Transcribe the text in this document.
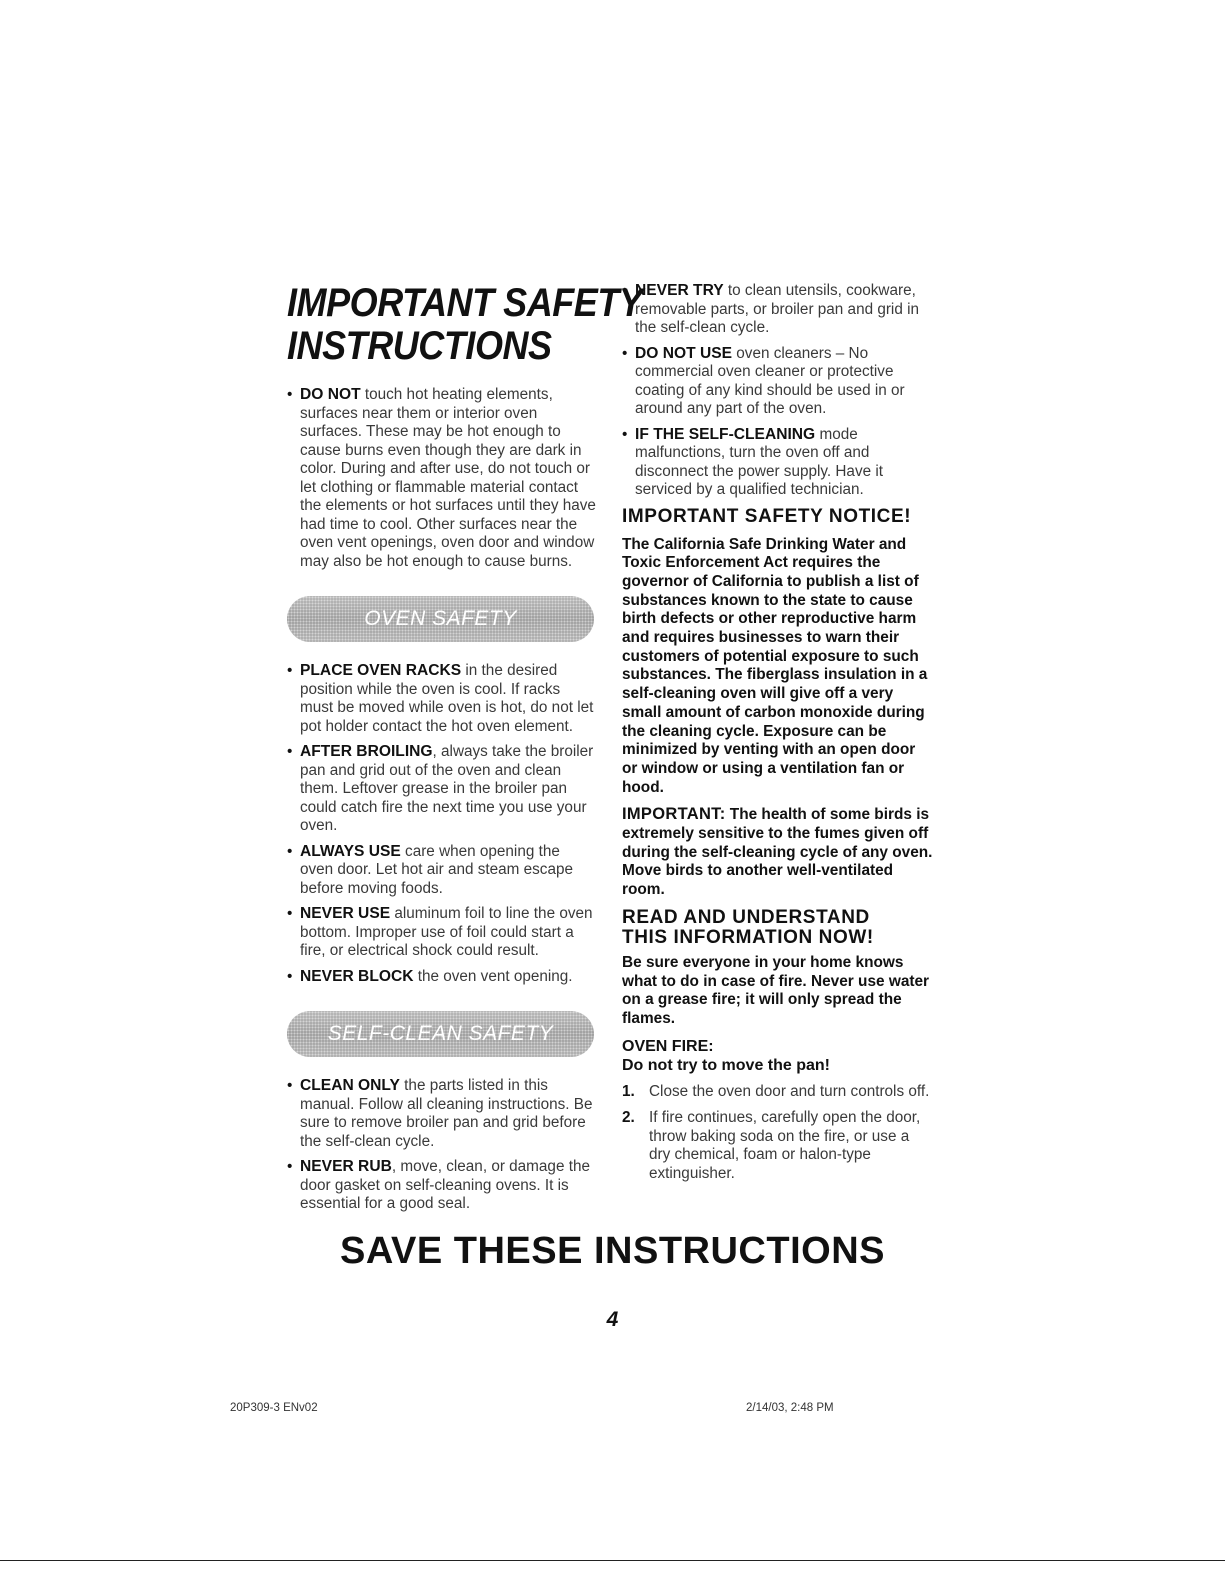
IMPORTANT SAFETY
INSTRUCTIONS
• DO NOT touch hot heating elements, surfaces near them or interior oven surfaces. These may be hot enough to cause burns even though they are dark in color. During and after use, do not touch or let clothing or flammable material contact the elements or hot surfaces until they have had time to cool. Other surfaces near the oven vent openings, oven door and window may also be hot enough to cause burns.
OVEN SAFETY
• PLACE OVEN RACKS in the desired position while the oven is cool. If racks must be moved while oven is hot, do not let pot holder contact the hot oven element.
• AFTER BROILING, always take the broiler pan and grid out of the oven and clean them. Leftover grease in the broiler pan could catch fire the next time you use your oven.
• ALWAYS USE care when opening the oven door. Let hot air and steam escape before moving foods.
• NEVER USE aluminum foil to line the oven bottom. Improper use of foil could start a fire, or electrical shock could result.
• NEVER BLOCK the oven vent opening.
SELF-CLEAN SAFETY
• CLEAN ONLY the parts listed in this manual. Follow all cleaning instructions. Be sure to remove broiler pan and grid before the self-clean cycle.
• NEVER RUB, move, clean, or damage the door gasket on self-cleaning ovens. It is essential for a good seal.
• NEVER TRY to clean utensils, cookware, removable parts, or broiler pan and grid in the self-clean cycle.
• DO NOT USE oven cleaners – No commercial oven cleaner or protective coating of any kind should be used in or around any part of the oven.
• IF THE SELF-CLEANING mode malfunctions, turn the oven off and disconnect the power supply. Have it serviced by a qualified technician.
IMPORTANT SAFETY NOTICE!

The California Safe Drinking Water and Toxic Enforcement Act requires the governor of California to publish a list of substances known to the state to cause birth defects or other reproductive harm and requires businesses to warn their customers of potential exposure to such substances. The fiberglass insulation in a self-cleaning oven will give off a very small amount of carbon monoxide during the cleaning cycle. Exposure can be minimized by venting with an open door or window or using a ventilation fan or hood.

IMPORTANT: The health of some birds is extremely sensitive to the fumes given off during the self-cleaning cycle of any oven. Move birds to another well-ventilated room.

READ AND UNDERSTAND
THIS INFORMATION NOW!

Be sure everyone in your home knows what to do in case of fire. Never use water on a grease fire; it will only spread the flames.

OVEN FIRE:

Do not try to move the pan!

1. Close the oven door and turn controls off.
2. If fire continues, carefully open the door, throw baking soda on the fire, or use a dry chemical, foam or halon-type extinguisher.
SAVE THESE INSTRUCTIONS
4
20P309-3 ENv02	2/14/03, 2:48 PM
